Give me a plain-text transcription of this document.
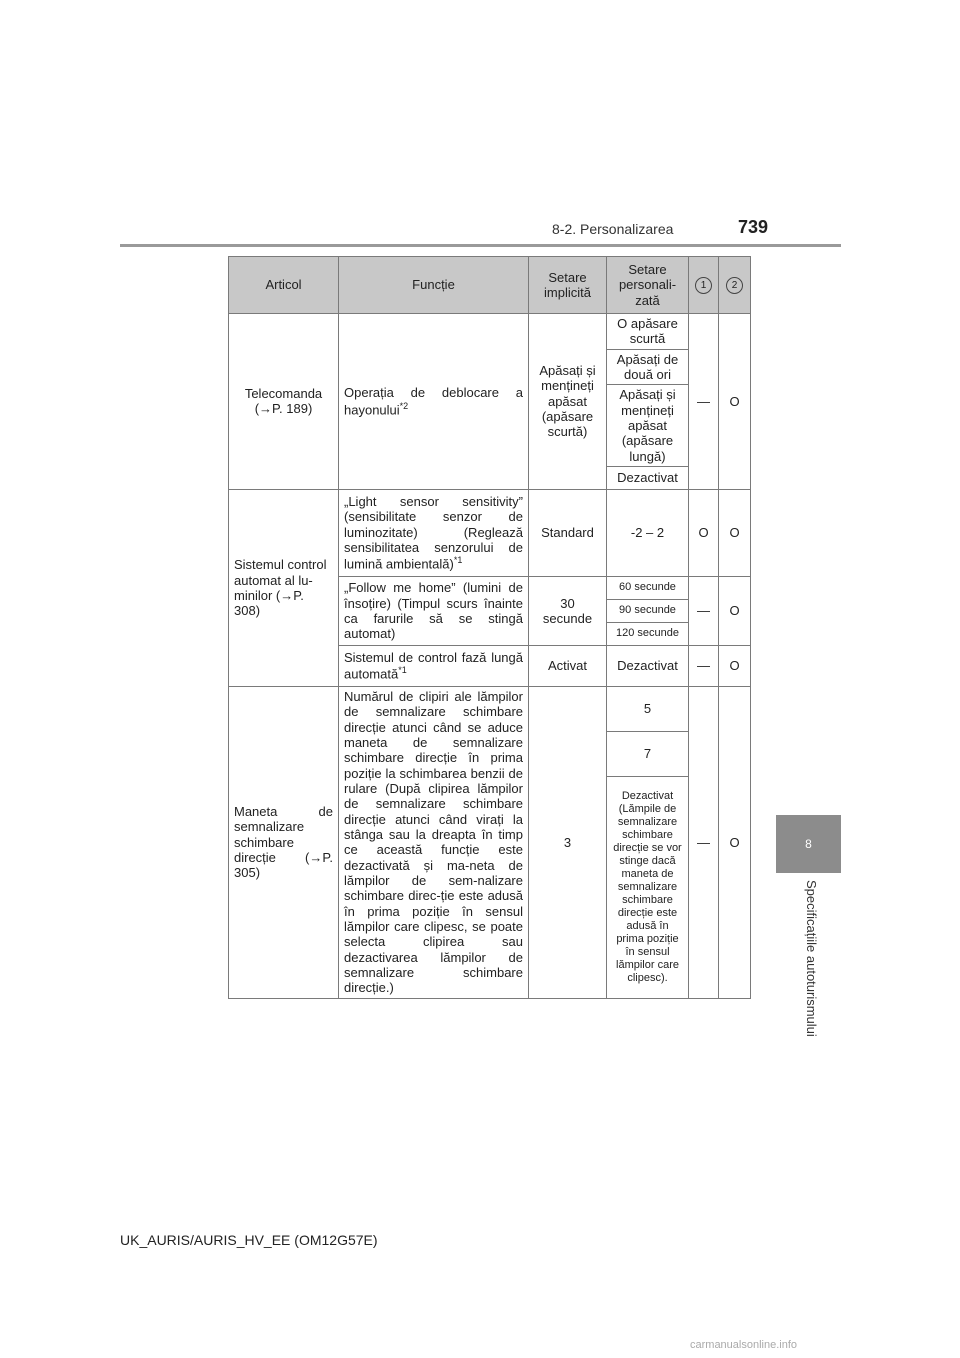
8-2. Personalizarea	739
8
Specificațiile autoturismului
Articol	Funcție	Setare implicită	Setare personali-zată	1	2
Telecomanda (→P. 189)	Operația de deblocare a hayonului$^{*2}$	Apăsați și mențineți apăsat (apăsare scurtă)	O apăsare scurtă	—	O
			Apăsați de două ori		
			Apăsați și mențineți apăsat (apăsare lungă)		
			Dezactivat		
Sistemul control automat al lu-minilor (→P. 308)	„Light sensor sensitivity” (sensibilitate senzor de luminozitate) (Reglează sensibilitatea senzorului de lumină ambientală)$^{*1}$	Standard	-2 – 2	O	O
	„Follow me home” (lumini de însoțire) (Timpul scurs înainte ca farurile să se stingă automat)	30 secunde	60 secunde	—	O
			90 secunde		
			120 secunde		
	Sistemul de control fază lungă automată$^{*1}$	Activat	Dezactivat	—	O
Maneta de semnalizare schimbare direcție (→P. 305)	Numărul de clipiri ale lămpilor de semnalizare schimbare direcție atunci când se aduce maneta de semnalizare schimbare direcție în prima poziție la schimbarea benzii de rulare (După clipirea lămpilor de semnalizare schimbare direcție atunci când virați la stânga sau la dreapta în timp ce această funcție este dezactivată și ma-neta de lămpilor de sem-nalizare schimbare direc-ție este adusă în prima poziție în sensul lămpilor care clipesc, se poate selecta clipirea sau dezactivarea lămpilor de semnalizare schimbare direcție.)	3	5	—	O
			7		
			Dezactivat (Lămpile de semnalizare schimbare direcție se vor stinge dacă maneta de semnalizare schimbare direcție este adusă în prima poziție în sensul lămpilor care clipesc).		
UK_AURIS/AURIS_HV_EE (OM12G57E)
carmanualsonline.info
